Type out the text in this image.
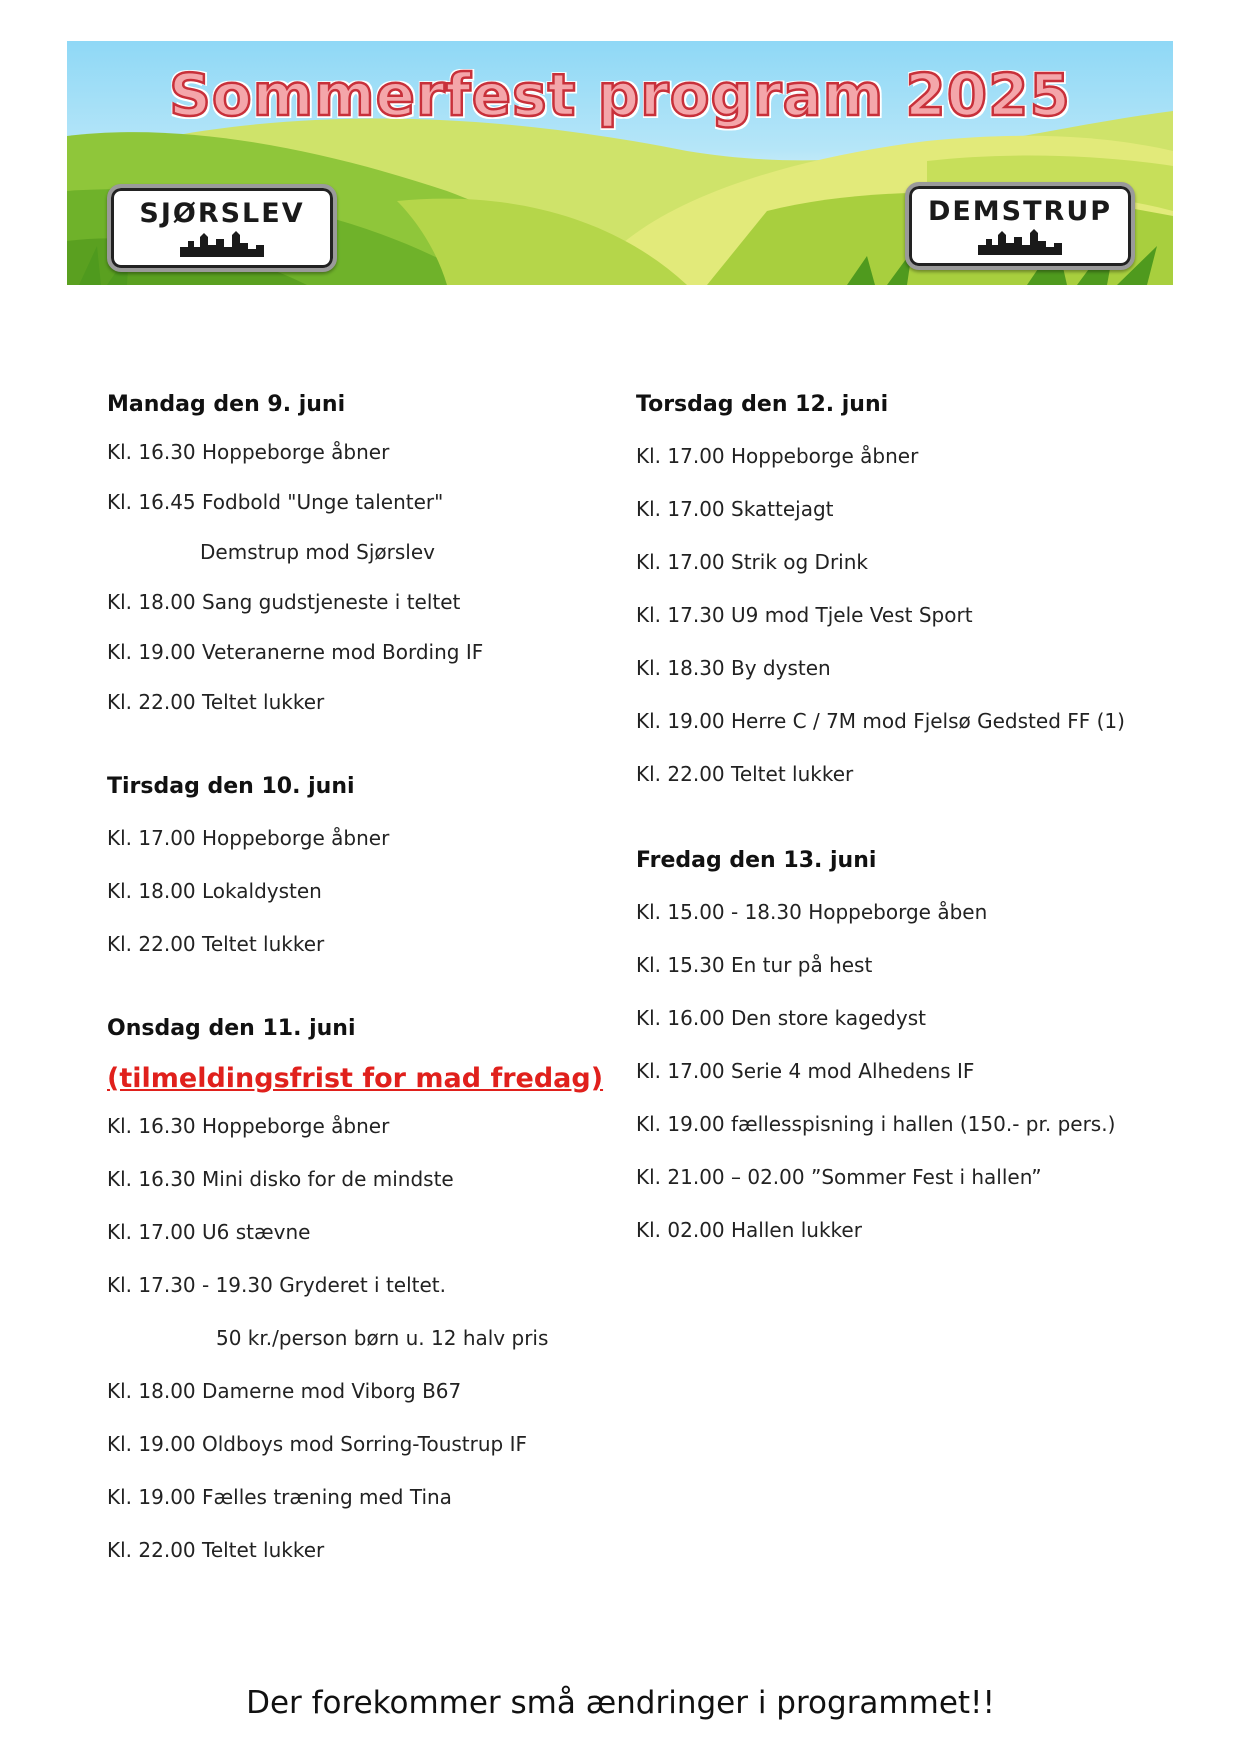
Sommerfest program 2025
SJØRSLEV	DEMSTRUP
Mandag den 9. juni
Kl. 16.30 Hoppeborge åbner
Kl. 16.45 Fodbold "Unge talenter"
Demstrup mod Sjørslev
Kl. 18.00 Sang gudstjeneste i teltet
Kl. 19.00 Veteranerne mod Bording IF
Kl. 22.00 Teltet lukker
Tirsdag den 10. juni
Kl. 17.00 Hoppeborge åbner
Kl. 18.00 Lokaldysten
Kl. 22.00 Teltet lukker
Onsdag den 11. juni
(tilmeldingsfrist for mad fredag)
Kl. 16.30 Hoppeborge åbner
Kl. 16.30 Mini disko for de mindste
Kl. 17.00 U6 stævne
Kl. 17.30 - 19.30 Gryderet i teltet.
50 kr./person børn u. 12 halv pris
Kl. 18.00 Damerne mod Viborg B67
Kl. 19.00 Oldboys mod Sorring-Toustrup IF
Kl. 19.00 Fælles træning med Tina
Kl. 22.00 Teltet lukker
Torsdag den 12. juni
Kl. 17.00 Hoppeborge åbner
Kl. 17.00 Skattejagt
Kl. 17.00 Strik og Drink
Kl. 17.30 U9 mod Tjele Vest Sport
Kl. 18.30 By dysten
Kl. 19.00 Herre C / 7M mod Fjelsø Gedsted FF (1)
Kl. 22.00 Teltet lukker
Fredag den 13. juni
Kl. 15.00 - 18.30 Hoppeborge åben
Kl. 15.30 En tur på hest
Kl. 16.00 Den store kagedyst
Kl. 17.00 Serie 4 mod Alhedens IF
Kl. 19.00 fællesspisning i hallen (150.- pr. pers.)
Kl. 21.00 – 02.00 ”Sommer Fest i hallen”
Kl. 02.00 Hallen lukker
Der forekommer små ændringer i programmet!!
